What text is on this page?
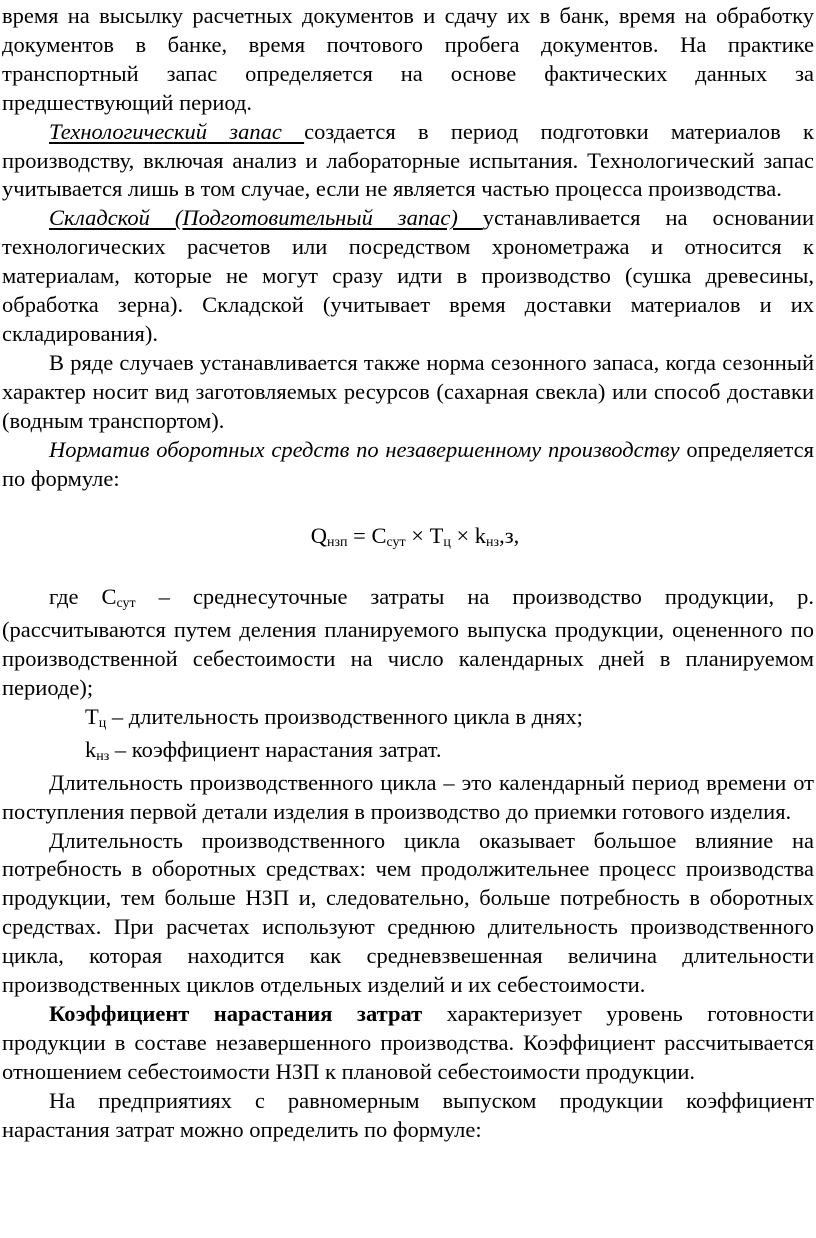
время на высылку расчетных документов и сдачу их в банк, время на обработку документов в банке, время почтового пробега документов. На практике транспортный запас определяется на основе фактических данных за предшествующий период.

Технологический запас создается в период подготовки материалов к производству, включая анализ и лабораторные испытания. Технологический запас учитывается лишь в том случае, если не является частью процесса производства.

Складской (Подготовительный запас) устанавливается на основании технологических расчетов или посредством хронометража и относится к материалам, которые не могут сразу идти в производство (сушка древесины, обработка зерна). Складской (учитывает время доставки материалов и их складирования).

В ряде случаев устанавливается также норма сезонного запаса, когда сезонный характер носит вид заготовляемых ресурсов (сахарная свекла) или способ доставки (водным транспортом).

Норматив оборотных средств по незавершенному производству определяется по формуле:

Qнзп = Ссут × Тц × kнз,з,

где Ссут – среднесуточные затраты на производство продукции, р. (рассчитываются путем деления планируемого выпуска продукции, оцененного по производственной себестоимости на число календарных дней в планируемом периоде);

Тц – длительность производственного цикла в днях;

kнз – коэффициент нарастания затрат.

Длительность производственного цикла – это календарный период времени от поступления первой детали изделия в производство до приемки готового изделия.

Длительность производственного цикла оказывает большое влияние на потребность в оборотных средствах: чем продолжительнее процесс производства продукции, тем больше НЗП и, следовательно, больше потребность в оборотных средствах. При расчетах используют среднюю длительность производственного цикла, которая находится как средневзвешенная величина длительности производственных циклов отдельных изделий и их себестоимости.

Коэффициент нарастания затрат характеризует уровень готовности продукции в составе незавершенного производства. Коэффициент рассчитывается отношением себестоимости НЗП к плановой себестоимости продукции.

На предприятиях с равномерным выпуском продукции коэффициент нарастания затрат можно определить по формуле:
